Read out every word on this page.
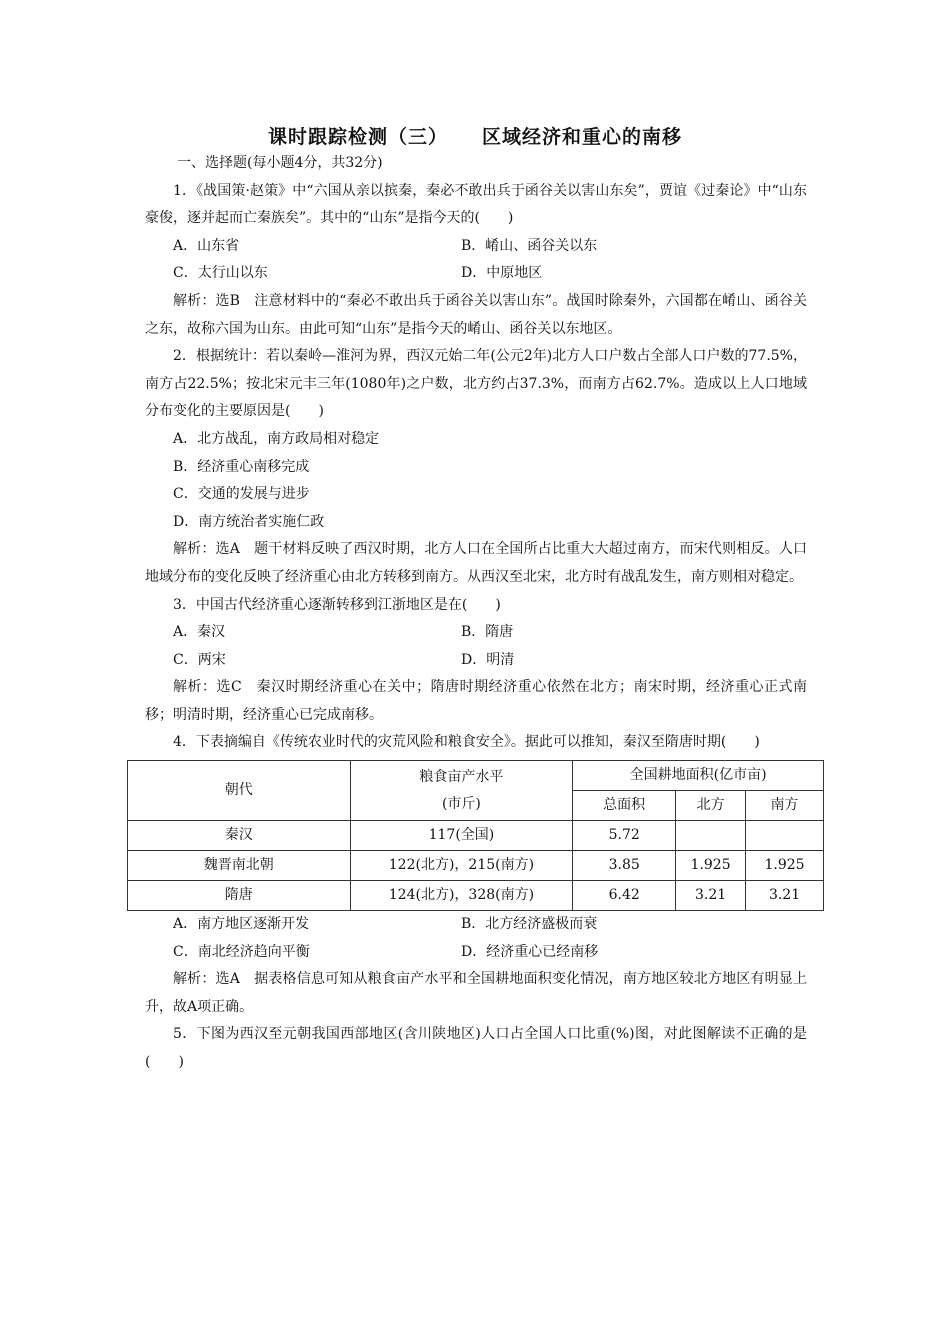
课时跟踪检测（三） 区域经济和重心的南移

一、选择题(每小题4分，共32分)

1．《战国策·赵策》中“六国从亲以摈秦，秦必不敢出兵于函谷关以害山东矣”，贾谊《过秦论》中“山东豪俊，逐并起而亡秦族矣”。其中的“山东”是指今天的(　　)

A．山东省	B．崤山、函谷关以东
C．太行山以东	D．中原地区

解析：选B　注意材料中的“秦必不敢出兵于函谷关以害山东”。战国时除秦外，六国都在崤山、函谷关之东，故称六国为山东。由此可知“山东”是指今天的崤山、函谷关以东地区。

2．根据统计：若以秦岭—淮河为界，西汉元始二年(公元2年)北方人口户数占全部人口户数的77.5%，南方占22.5%；按北宋元丰三年(1080年)之户数，北方约占37.3%，而南方占62.7%。造成以上人口地域分布变化的主要原因是(　　)

A．北方战乱，南方政局相对稳定

B．经济重心南移完成

C．交通的发展与进步

D．南方统治者实施仁政

解析：选A　题干材料反映了西汉时期，北方人口在全国所占比重大大超过南方，而宋代则相反。人口地域分布的变化反映了经济重心由北方转移到南方。从西汉至北宋，北方时有战乱发生，南方则相对稳定。

3．中国古代经济重心逐渐转移到江浙地区是在(　　)

A．秦汉	B．隋唐
C．两宋	D．明清

解析：选C　秦汉时期经济重心在关中；隋唐时期经济重心依然在北方；南宋时期，经济重心正式南移；明清时期，经济重心已完成南移。

4．下表摘编自《传统农业时代的灾荒风险和粮食安全》。据此可以推知，秦汉至隋唐时期(　　)

朝代	粮食亩产水平
(市斤)	全国耕地面积(亿市亩)		
		总面积	北方	南方
秦汉	117(全国)	5.72		
魏晋南北朝	122(北方)，215(南方)	3.85	1.925	1.925
隋唐	124(北方)，328(南方)	6.42	3.21	3.21
A．南方地区逐渐开发	B．北方经济盛极而衰
C．南北经济趋向平衡	D．经济重心已经南移

解析：选A　据表格信息可知从粮食亩产水平和全国耕地面积变化情况，南方地区较北方地区有明显上升，故A项正确。

5．下图为西汉至元朝我国西部地区(含川陕地区)人口占全国人口比重(%)图，对此图解读不正确的是(　　)
